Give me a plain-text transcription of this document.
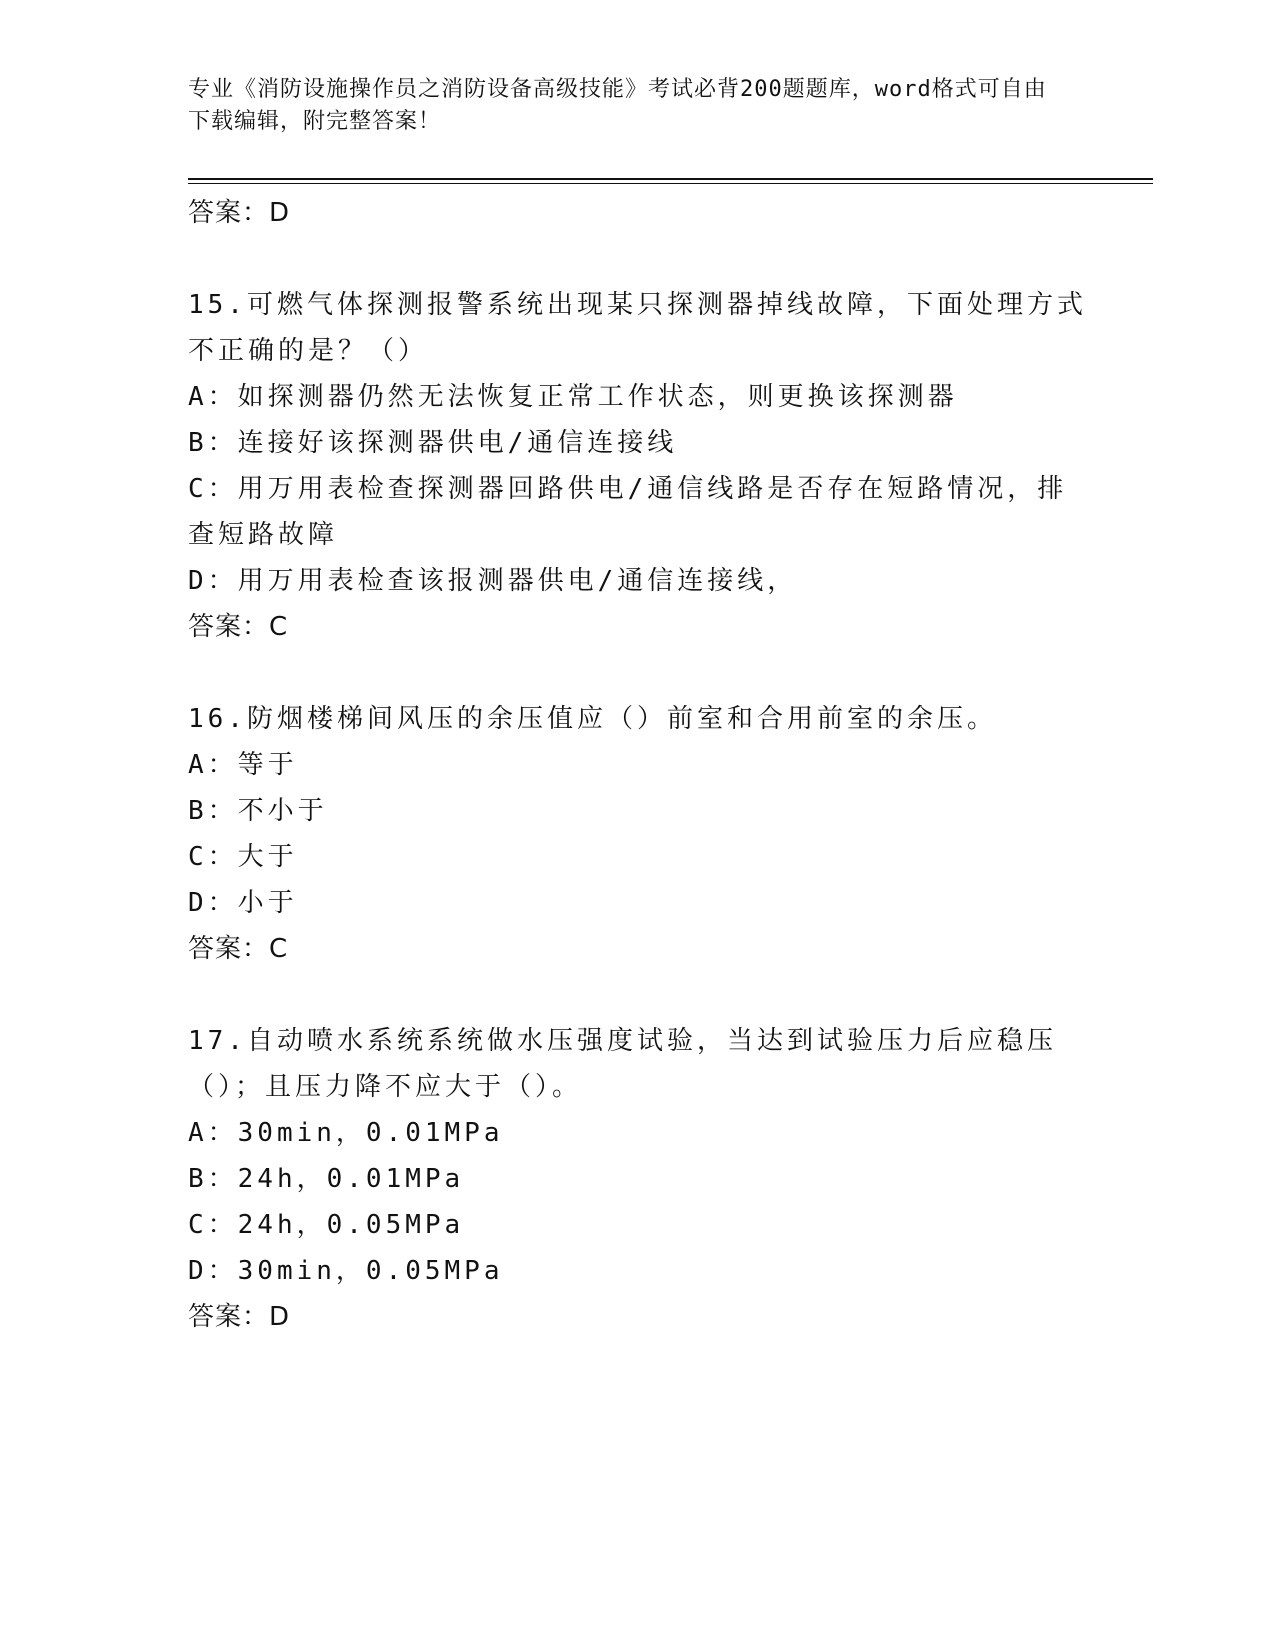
专业《消防设施操作员之消防设备高级技能》考试必背200题题库，word格式可自由下载编辑，附完整答案！
答案：D
15.可燃气体探测报警系统出现某只探测器掉线故障，下面处理方式不正确的是？（）
A：如探测器仍然无法恢复正常工作状态，则更换该探测器
B：连接好该探测器供电/通信连接线
C：用万用表检查探测器回路供电/通信线路是否存在短路情况，排查短路故障
D：用万用表检查该报测器供电/通信连接线，
答案：C
16.防烟楼梯间风压的余压值应（）前室和合用前室的余压。
A：等于
B：不小于
C：大于
D：小于
答案：C
17.自动喷水系统系统做水压强度试验，当达到试验压力后应稳压（）；且压力降不应大于（）。
A：30min，0.01MPa
B：24h，0.01MPa
C：24h，0.05MPa
D：30min，0.05MPa
答案：D
